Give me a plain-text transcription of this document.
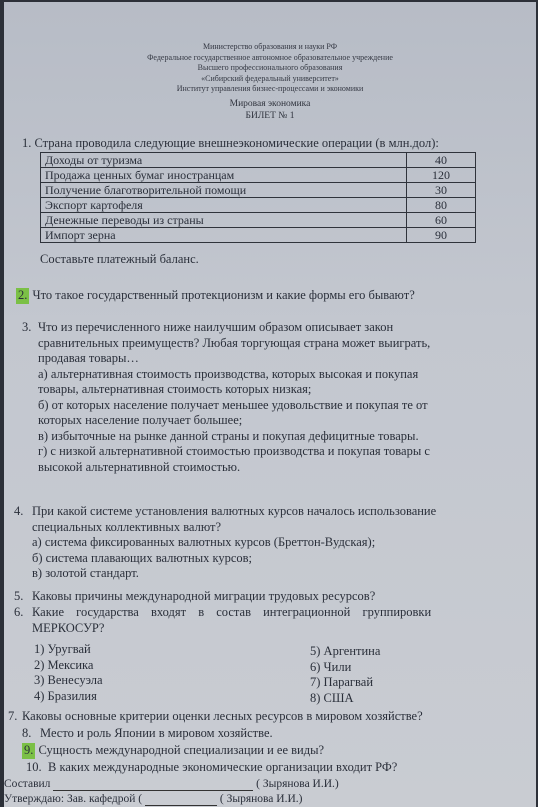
Министерство образования и науки РФ
Федеральное государственное автономное образовательное учреждение
Высшего профессионального образования
«Сибирский федеральный университет»
Институт управления бизнес-процессами и экономики
Мировая экономика
БИЛЕТ № 1
1. Страна проводила следующие внешнеэкономические операции (в млн.дол):
Доходы от туризма	40
Продажа ценных бумаг иностранцам	120
Получение благотворительной помощи	30
Экспорт картофеля	80
Денежные переводы из страны	60
Импорт зерна	90
Составьте платежный баланс.
2. Что такое государственный протекционизм и какие формы его бывают?
3. Что из перечисленного ниже наилучшим образом описывает закон
сравнительных преимуществ? Любая торгующая страна может выиграть,
продавая товары…
а) альтернативная стоимость производства, которых высокая и покупая
товары, альтернативная стоимость которых низкая;
б) от которых население получает меньшее удовольствие и покупая те от
которых население получает большее;
в) избыточные на рынке данной страны и покупая дефицитные товары.
г) с низкой альтернативной стоимостью производства и покупая товары с
высокой альтернативной стоимостью.
4. При какой системе установления валютных курсов началось использование
специальных коллективных валют?
а) система фиксированных валютных курсов (Бреттон-Вудская);
б) система плавающих валютных курсов;
в) золотой стандарт.
5. Каковы причины международной миграции трудовых ресурсов?
6. Какие государства входят в состав интеграционной группировки
МЕРКОСУР?
1) Уругвай
2) Мексика
3) Венесуэла
4) Бразилия
5) Аргентина
6) Чили
7) Парагвай
8) США
7. Каковы основные критерии оценки лесных ресурсов в мировом хозяйстве?
8. Место и роль Японии в мировом хозяйстве.
9. Сущность международной специализации и ее виды?
10. В каких международные экономические организации входит РФ?
Составил	( Зырянова И.И.)
Утверждаю: Зав. кафедрой (	( Зырянова И.И.)
